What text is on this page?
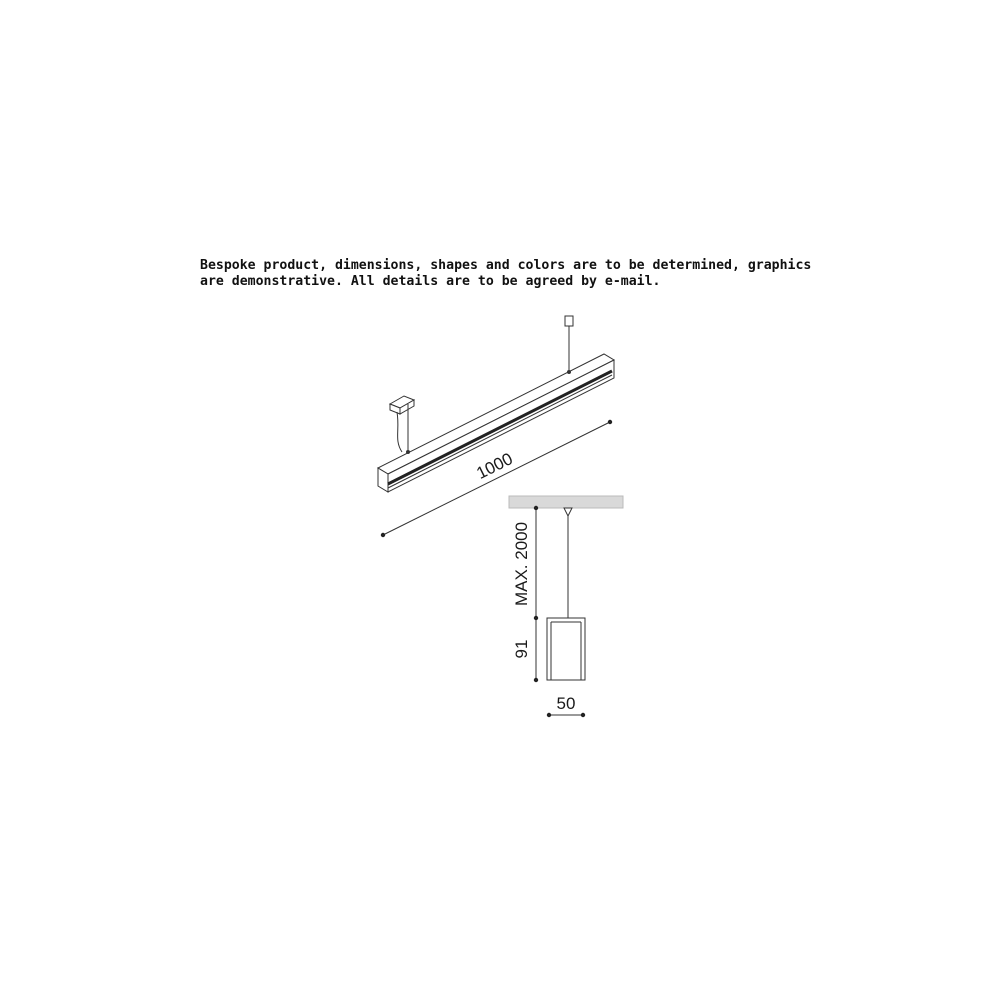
Bespoke product, dimensions, shapes and colors are to be determined, graphics
are demonstrative. All details are to be agreed by e-mail.
1000
MAX. 2000
91
50
